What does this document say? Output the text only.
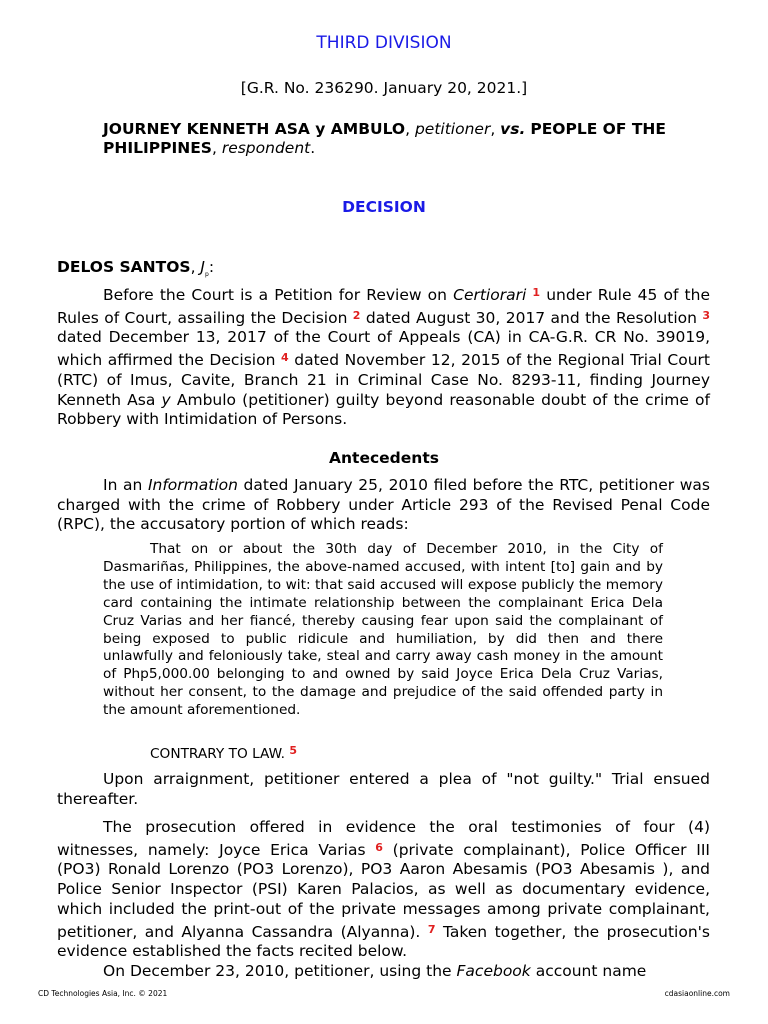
THIRD DIVISION
[G.R. No. 236290. January 20, 2021.]
JOURNEY KENNETH ASA y AMBULO, petitioner, vs. PEOPLE OF THE PHILIPPINES, respondent.
DECISION
DELOS SANTOS, $J_p$:

Before the Court is a Petition for Review on Certiorari $^1$ under Rule 45 of the Rules of Court, assailing the Decision $^2$ dated August 30, 2017 and the Resolution $^3$ dated December 13, 2017 of the Court of Appeals (CA) in CA-G.R. CR No. 39019, which affirmed the Decision $^4$ dated November 12, 2015 of the Regional Trial Court (RTC) of Imus, Cavite, Branch 21 in Criminal Case No. 8293-11, finding Journey Kenneth Asa y Ambulo (petitioner) guilty beyond reasonable doubt of the crime of Robbery with Intimidation of Persons.

Antecedents

In an Information dated January 25, 2010 filed before the RTC, petitioner was charged with the crime of Robbery under Article 293 of the Revised Penal Code (RPC), the accusatory portion of which reads:

That on or about the 30th day of December 2010, in the City of Dasmariñas, Philippines, the above-named accused, with intent [to] gain and by the use of intimidation, to wit: that said accused will expose publicly the memory card containing the intimate relationship between the complainant Erica Dela Cruz Varias and her fiancé, thereby causing fear upon said the complainant of being exposed to public ridicule and humiliation, by did then and there unlawfully and feloniously take, steal and carry away cash money in the amount of Php5,000.00 belonging to and owned by said Joyce Erica Dela Cruz Varias, without her consent, to the damage and prejudice of the said offended party in the amount aforementioned.

CONTRARY TO LAW. $^5$

Upon arraignment, petitioner entered a plea of "not guilty." Trial ensued thereafter.

The prosecution offered in evidence the oral testimonies of four (4) witnesses, namely: Joyce Erica Varias $^6$ (private complainant), Police Officer III (PO3) Ronald Lorenzo (PO3 Lorenzo), PO3 Aaron Abesamis (PO3 Abesamis ), and Police Senior Inspector (PSI) Karen Palacios, as well as documentary evidence, which included the print-out of the private messages among private complainant, petitioner, and Alyanna Cassandra (Alyanna). $^7$ Taken together, the prosecution's evidence established the facts recited below.

On December 23, 2010, petitioner, using the Facebook account name

CD Technologies Asia, Inc. © 2021	cdasiaonline.com
